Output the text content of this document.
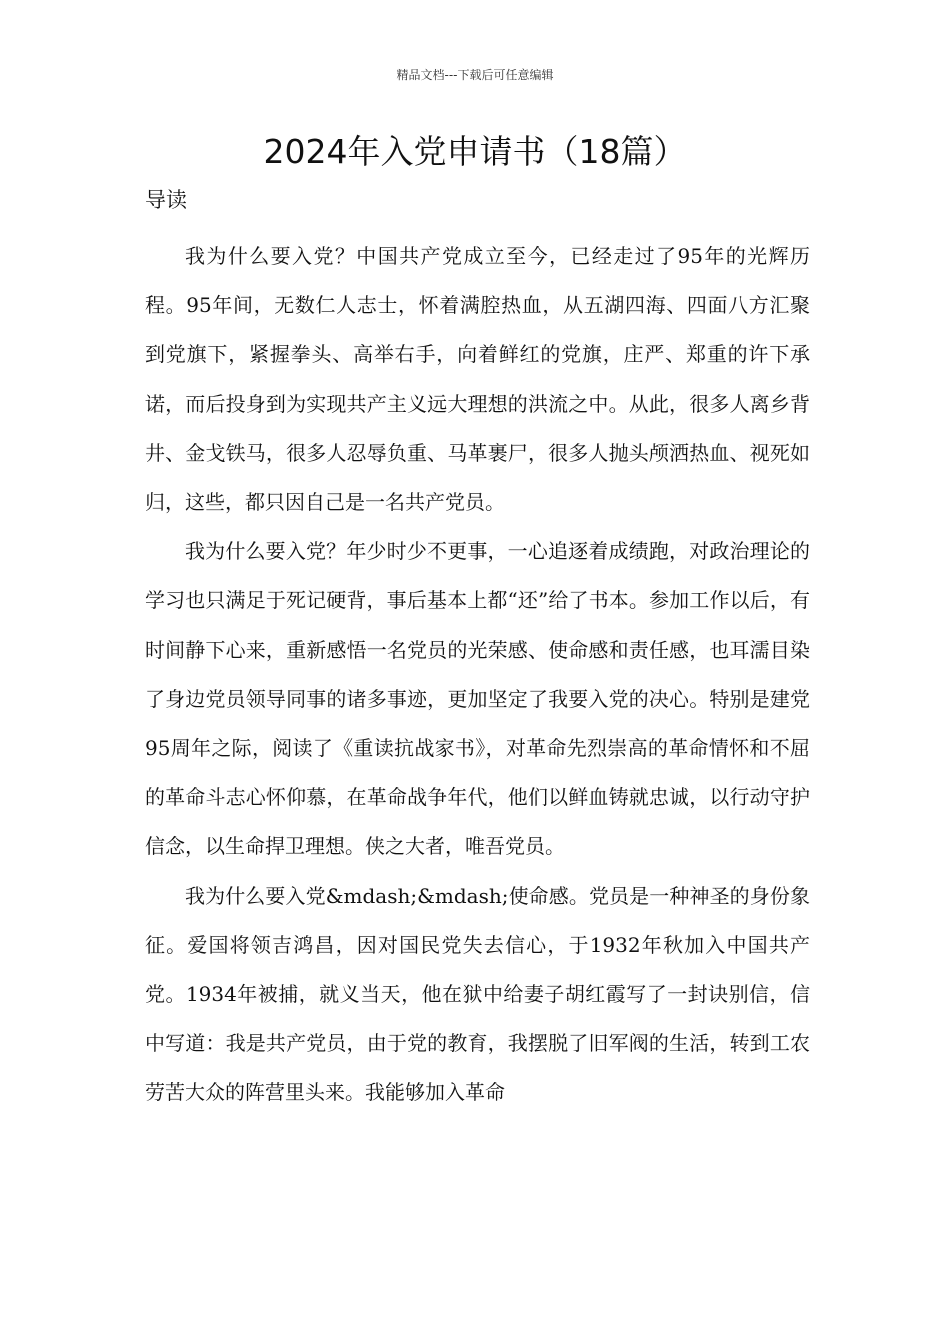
精品文档---下载后可任意编辑
2024年入党申请书（18篇）
导读

我为什么要入党？中国共产党成立至今，已经走过了95年的光辉历程。95年间，无数仁人志士，怀着满腔热血，从五湖四海、四面八方汇聚到党旗下，紧握拳头、高举右手，向着鲜红的党旗，庄严、郑重的许下承诺，而后投身到为实现共产主义远大理想的洪流之中。从此，很多人离乡背井、金戈铁马，很多人忍辱负重、马革裹尸，很多人抛头颅洒热血、视死如归，这些，都只因自己是一名共产党员。

我为什么要入党？年少时少不更事，一心追逐着成绩跑，对政治理论的学习也只满足于死记硬背，事后基本上都“还”给了书本。参加工作以后，有时间静下心来，重新感悟一名党员的光荣感、使命感和责任感，也耳濡目染了身边党员领导同事的诸多事迹，更加坚定了我要入党的决心。特别是建党95周年之际，阅读了《重读抗战家书》，对革命先烈崇高的革命情怀和不屈的革命斗志心怀仰慕，在革命战争年代，他们以鲜血铸就忠诚，以行动守护信念，以生命捍卫理想。侠之大者，唯吾党员。

我为什么要入党&mdash;&mdash;使命感。党员是一种神圣的身份象征。爱国将领吉鸿昌，因对国民党失去信心，于1932年秋加入中国共产党。1934年被捕，就义当天，他在狱中给妻子胡红霞写了一封诀别信，信中写道：我是共产党员，由于党的教育，我摆脱了旧军阀的生活，转到工农劳苦大众的阵营里头来。我能够加入革命
